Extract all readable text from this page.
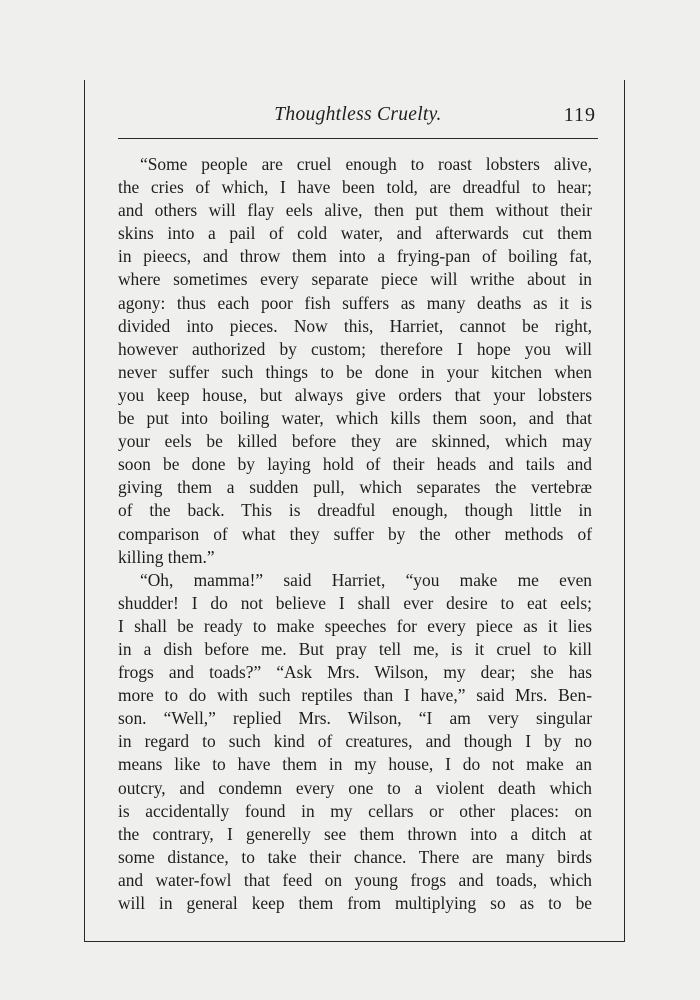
Thoughtless Cruelty.	119
“Some people are cruel enough to roast lobsters alive,
the cries of which, I have been told, are dreadful to hear;
and others will flay eels alive, then put them without their
skins into a pail of cold water, and afterwards cut them
in pieecs, and throw them into a frying-pan of boiling fat,
where sometimes every separate piece will writhe about in
agony: thus each poor fish suffers as many deaths as it is
divided into pieces. Now this, Harriet, cannot be right,
however authorized by custom; therefore I hope you will
never suffer such things to be done in your kitchen when
you keep house, but always give orders that your lobsters
be put into boiling water, which kills them soon, and that
your eels be killed before they are skinned, which may
soon be done by laying hold of their heads and tails and
giving them a sudden pull, which separates the vertebræ
of the back. This is dreadful enough, though little in
comparison of what they suffer by the other methods of
killing them.”
“Oh, mamma!” said Harriet, “you make me even
shudder! I do not believe I shall ever desire to eat eels;
I shall be ready to make speeches for every piece as it lies
in a dish before me. But pray tell me, is it cruel to kill
frogs and toads?” “Ask Mrs. Wilson, my dear; she has
more to do with such reptiles than I have,” said Mrs. Ben-
son. “Well,” replied Mrs. Wilson, “I am very singular
in regard to such kind of creatures, and though I by no
means like to have them in my house, I do not make an
outcry, and condemn every one to a violent death which
is accidentally found in my cellars or other places: on
the contrary, I generelly see them thrown into a ditch at
some distance, to take their chance. There are many birds
and water-fowl that feed on young frogs and toads, which
will in general keep them from multiplying so as to be
